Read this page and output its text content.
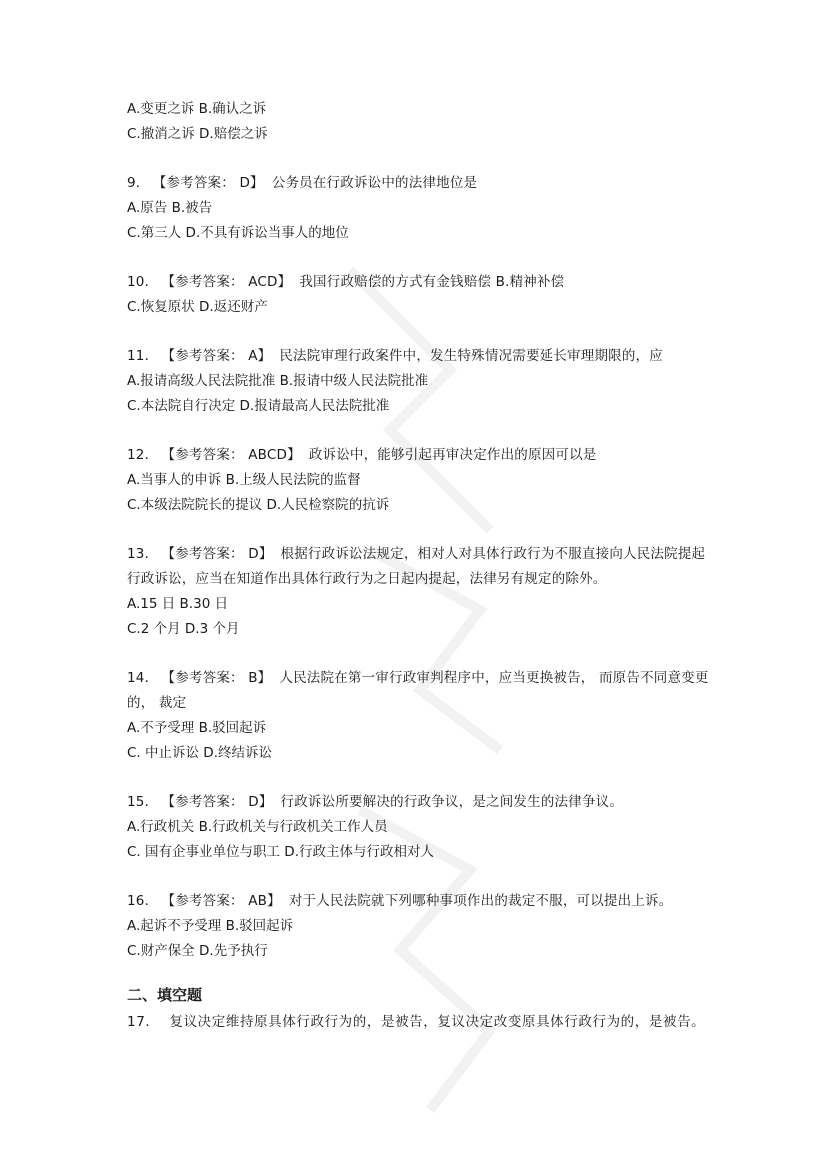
A.变更之诉 B.确认之诉
C.撤消之诉 D.赔偿之诉
9． 【参考答案： D】 公务员在行政诉讼中的法律地位是
A.原告 B.被告
C.第三人 D.不具有诉讼当事人的地位
10． 【参考答案： ACD】 我国行政赔偿的方式有金钱赔偿 B.精神补偿
C.恢复原状 D.返还财产
11． 【参考答案： A】 民法院审理行政案件中，发生特殊情况需要延长审理期限的，应
A.报请高级人民法院批准 B.报请中级人民法院批准
C.本法院自行决定 D.报请最高人民法院批准
12． 【参考答案： ABCD】 政诉讼中，能够引起再审决定作出的原因可以是
A.当事人的申诉 B.上级人民法院的监督
C.本级法院院长的提议 D.人民检察院的抗诉
13． 【参考答案： D】 根据行政诉讼法规定，相对人对具体行政行为不服直接向人民法院提起行政诉讼，应当在知道作出具体行政行为之日起内提起，法律另有规定的除外。
A.15 日 B.30 日
C.2 个月 D.3 个月
14． 【参考答案： B】 人民法院在第一审行政审判程序中，应当更换被告， 而原告不同意变更的， 裁定
A.不予受理 B.驳回起诉
C. 中止诉讼 D.终结诉讼
15． 【参考答案： D】 行政诉讼所要解决的行政争议，是之间发生的法律争议。
A.行政机关 B.行政机关与行政机关工作人员
C. 国有企事业单位与职工 D.行政主体与行政相对人
16． 【参考答案： AB】 对于人民法院就下列哪种事项作出的裁定不服，可以提出上诉。
A.起诉不予受理 B.驳回起诉
C.财产保全 D.先予执行
二、填空题
17． 复议决定维持原具体行政行为的，是被告，复议决定改变原具体行政行为的，是被告。
